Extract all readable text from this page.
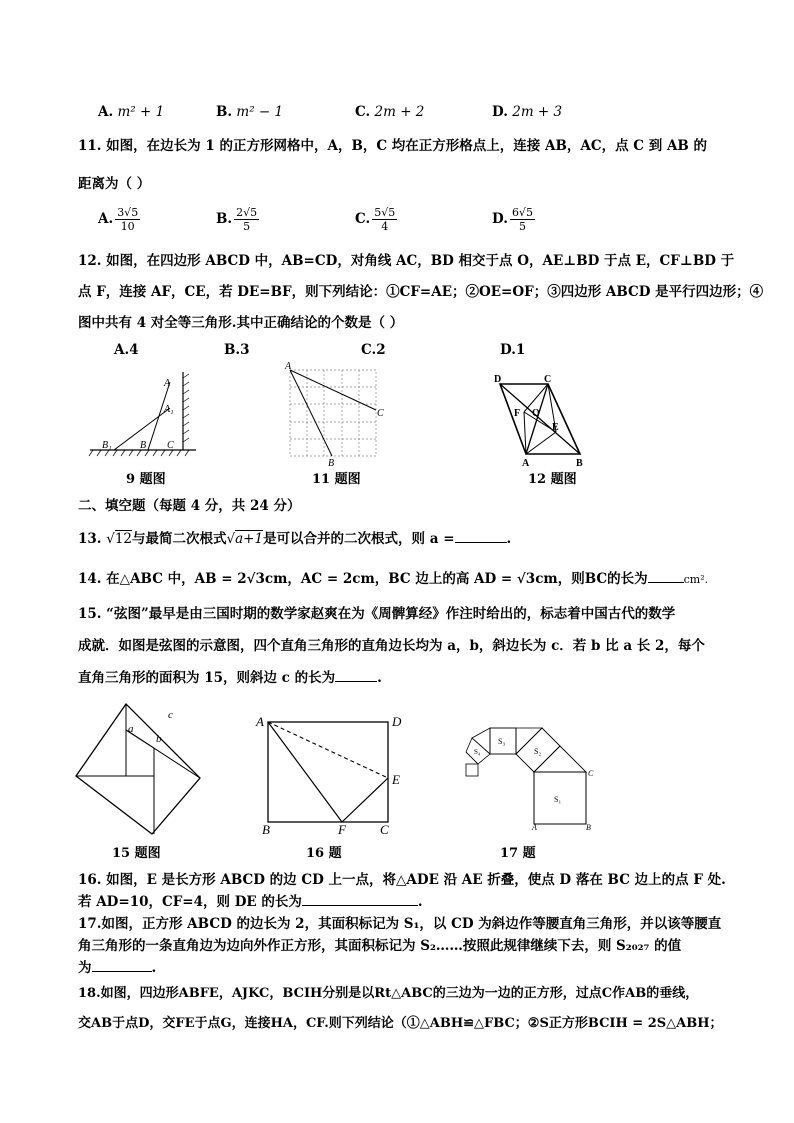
A. m² + 1	B. m² − 1	C. 2m + 2	D. 2m + 3
11. 如图，在边长为 1 的正方形网格中，A，B，C 均在正方形格点上，连接 AB，AC，点 C 到 AB 的
距离为（ ）
A. $\frac{3√5}{10}$	B. $\frac{2√5}{5}$	C. $\frac{5√5}{4}$	D. $\frac{6√5}{5}$
12. 如图，在四边形 ABCD 中，AB=CD，对角线 AC，BD 相交于点 O，AE⊥BD 于点 E，CF⊥BD 于
点 F，连接 AF，CE，若 DE=BF，则下列结论：①CF=AE；②OE=OF；③四边形 ABCD 是平行四边形；④
图中共有 4 对全等三角形.其中正确结论的个数是（ ）
A.4	B.3	C.2	D.1
A
A₁
B₁	B C
9 题图
A
B
C
11 题图
D	C
F O
E
A	B
12 题图
二、填空题（每题 4 分，共 24 分）
13. √12与最简二次根式√a+1是可以合并的二次根式，则 a =	.
14. 在△ABC 中，AB = 2√3cm，AC = 2cm，BC 边上的高 AD = √3cm，则BC的长为	cm².
15. “弦图”最早是由三国时期的数学家赵爽在为《周髀算经》作注时给出的，标志着中国古代的数学
成就．如图是弦图的示意图，四个直角三角形的直角边长均为 a，b，斜边长为 c．若 b 比 a 长 2，每个
直角三角形的面积为 15，则斜边 c 的长为	.
a
b
c
15 题图
A	D
E
B	F	C
16 题
S₁
S₂
S₃
S₄
A	B
C
17 题
16. 如图，E 是长方形 ABCD 的边 CD 上一点，将△ADE 沿 AE 折叠，使点 D 落在 BC 边上的点 F 处.
若 AD=10，CF=4，则 DE 的长为	.
17.如图，正方形 ABCD 的边长为 2，其面积标记为 S₁，以 CD 为斜边作等腰直角三角形，并以该等腰直
角三角形的一条直角边为边向外作正方形，其面积标记为 S₂……按照此规律继续下去，则 S₂₀₂₇ 的值
为	.
18.如图，四边形ABFE，AJKC，BCIH分别是以Rt△ABC的三边为一边的正方形，过点C作AB的垂线，
交AB于点D，交FE于点G，连接HA，CF.则下列结论（①△ABH≌△FBC；②S正方形BCIH = 2S△ABH；
